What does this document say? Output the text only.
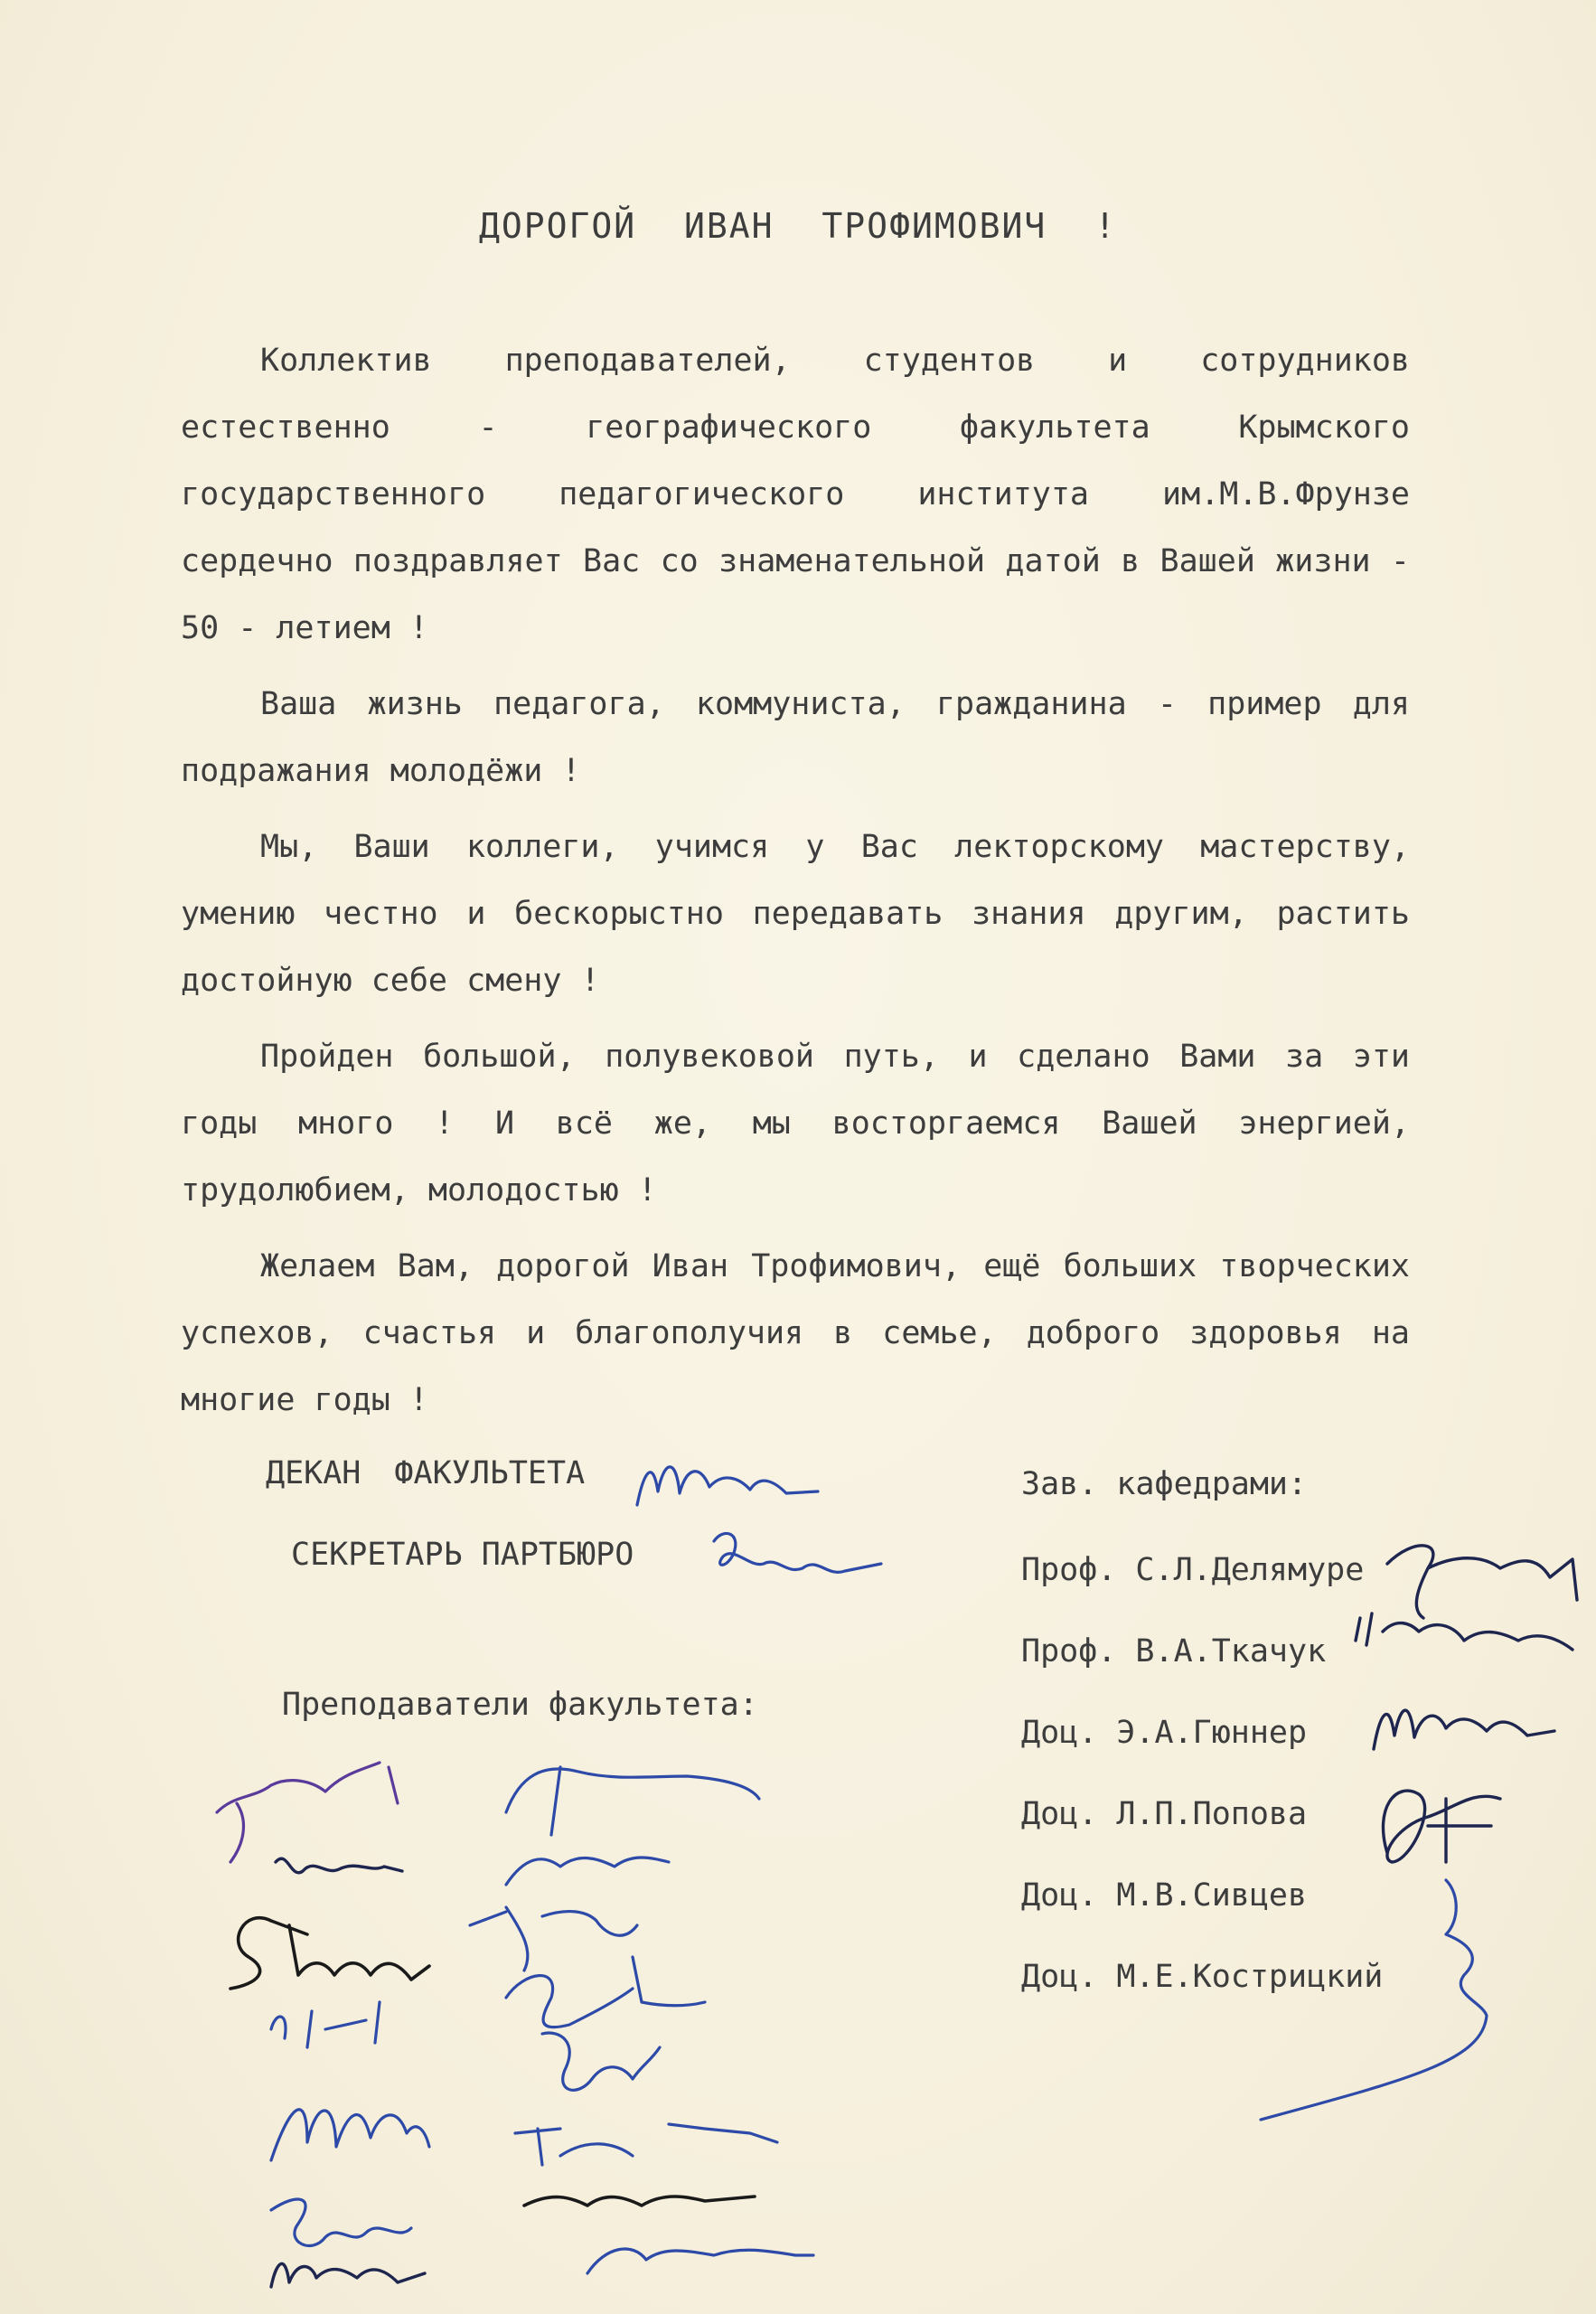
ДОРОГОЙ ИВАН ТРОФИМОВИЧ !

Коллектив преподавателей, студентов и сотрудников естественно - географического факультета Крымского государственного педагогического института им.М.В.Фрунзе сердечно поздравляет Вас со знаменательной датой в Вашей жизни - 50 - летием !

Ваша жизнь педагога, коммуниста, гражданина - пример для подражания молодёжи !

Мы, Ваши коллеги, учимся у Вас лекторскому мастерству, умению честно и бескорыстно передавать знания другим, растить достойную себе смену !

Пройден большой, полувековой путь, и сделано Вами за эти годы много ! И всё же, мы восторгаемся Вашей энергией, трудолюбием, молодостью !

Желаем Вам, дорогой Иван Трофимович, ещё больших творческих успехов, счастья и благополучия в семье, доброго здоровья на многие годы !

ДЕКАН ФАКУЛЬТЕТА
СЕКРЕТАРЬ ПАРТБЮРО
Преподаватели факультета:
Зав. кафедрами:
Проф. С.Л.Делямуре
Проф. В.А.Ткачук
Доц. Э.А.Гюннер
Доц. Л.П.Попова
Доц. М.В.Сивцев
Доц. М.Е.Кострицкий
